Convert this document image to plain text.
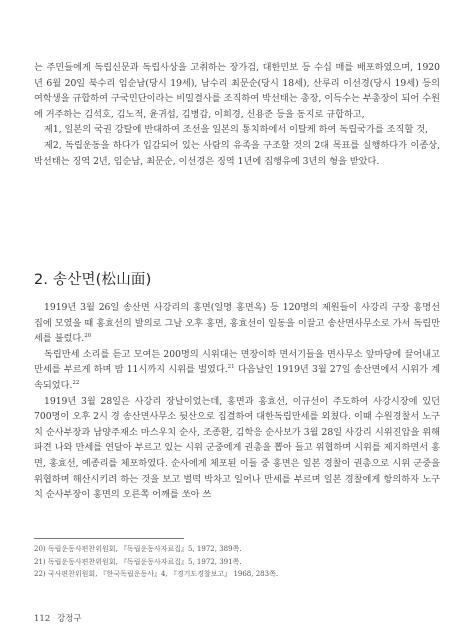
는 주민들에게 독립신문과 독립사상을 고취하는 장가검, 대한민보 등 수십 매를 배포하였으며, 1920년 6월 20일 북수리 임순남(당시 19세), 남수리 최문순(당시 18세), 산루리 이선경(당시 19세) 등의 여학생을 규합하여 구국민단이라는 비밀결사를 조직하여 박선태는 총장, 이득수는 부총장이 되어 수원에 거주하는 김석호, 김노적, 윤귀섭, 김병갑, 이희경, 신용준 등을 동지로 규합하고,

제1, 일본의 국권 강탈에 반대하여 조선을 일본의 통치하에서 이탈케 하여 독립국가를 조직할 것,

제2, 독립운동을 하다가 입감되어 있는 사람의 유족을 구조할 것의 2대 목표를 실행하다가 이종상, 박선태는 징역 2년, 임순남, 최문순, 이선경은 징역 1년에 집행유예 3년의 형을 받았다.

2. 송산면(松山面)

1919년 3월 26일 송산면 사강리의 홍면(일명 홍면옥) 등 120명의 제원들이 사강리 구장 홍명선 집에 모였을 때 홍효선의 발의로 그날 오후 홍면, 홍효선이 일동을 이끌고 송산면사무소로 가서 독립만세를 불렀다.$^{20}$

독립만세 소리를 듣고 모여든 200명의 시위대는 면장이하 면서기들을 면사무소 앞마당에 끌어내고 만세를 부르게 하며 밤 11시까지 시위를 벌였다.$^{21}$ 다음날인 1919년 3월 27일 송산면에서 시위가 계속되었다.$^{22}$

1919년 3월 28일은 사강리 장날이었는데, 홍면과 홍효선, 이규선이 주도하여 사강시장에 있던 700명이 오후 2시 경 송산면사무소 뒷산으로 집결하여 대한독립만세를 외쳤다. 이때 수원경찰서 노구치 순사부장과 남양주재소 마스우치 순사, 조종환, 김학응 순사보가 3월 28일 사강리 시위진압을 위해 파견 나와 만세를 연달아 부르고 있는 시위 군중에게 권총을 뽑아 들고 위협하며 시위를 제지하면서 홍면, 홍효선, 예종리를 체포하였다. 순사에게 체포된 이들 중 홍면은 일본 경찰이 권총으로 시위 군중을 위협하며 해산시키려 하는 것을 보고 벌떡 박차고 일어나 만세를 부르며 일본 경찰에게 항의하자 노구치 순사부장이 홍면의 오른쪽 어깨를 쏘아 쓰

20) 독립운동사편찬위원회, 『독립운동사자료집』5, 1972, 389쪽.
21) 독립운동사편찬위원회, 『독립운동사자료집』5, 1972, 391쪽.
22) 국사편찬위원회, 『한국독립운동사』4, 『경기도경찰보고』 1968, 283쪽.
112 강정구
